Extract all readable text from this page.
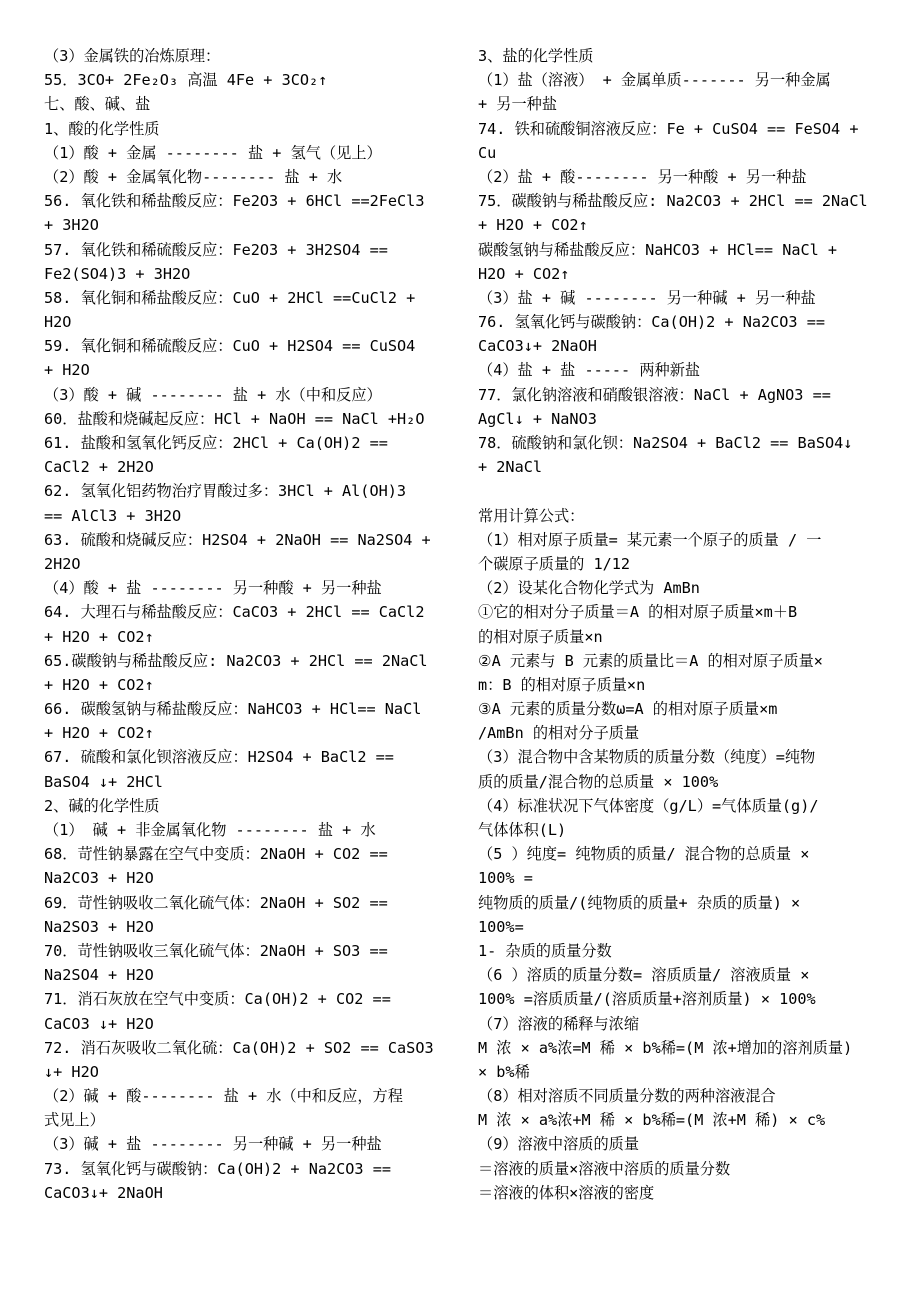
（3）金属铁的冶炼原理：
55．3CO+ 2Fe₂O₃ 高温 4Fe + 3CO₂↑
七、酸、碱、盐
1、酸的化学性质
（1）酸 + 金属 -------- 盐 + 氢气（见上）
（2）酸 + 金属氧化物-------- 盐 + 水
56. 氧化铁和稀盐酸反应：Fe2O3 + 6HCl ==2FeCl3
+ 3H2O
57. 氧化铁和稀硫酸反应：Fe2O3 + 3H2SO4 ==
Fe2(SO4)3 + 3H2O
58. 氧化铜和稀盐酸反应：CuO + 2HCl ==CuCl2 +
H2O
59. 氧化铜和稀硫酸反应：CuO + H2SO4 == CuSO4
+ H2O
（3）酸 + 碱 -------- 盐 + 水（中和反应）
60．盐酸和烧碱起反应：HCl + NaOH == NaCl +H₂O
61. 盐酸和氢氧化钙反应：2HCl + Ca(OH)2 ==
CaCl2 + 2H2O
62. 氢氧化铝药物治疗胃酸过多：3HCl + Al(OH)3
== AlCl3 + 3H2O
63. 硫酸和烧碱反应：H2SO4 + 2NaOH == Na2SO4 +
2H2O
（4）酸 + 盐 -------- 另一种酸 + 另一种盐
64. 大理石与稀盐酸反应：CaCO3 + 2HCl == CaCl2
+ H2O + CO2↑
65.碳酸钠与稀盐酸反应: Na2CO3 + 2HCl == 2NaCl
+ H2O + CO2↑
66. 碳酸氢钠与稀盐酸反应：NaHCO3 + HCl== NaCl
+ H2O + CO2↑
67. 硫酸和氯化钡溶液反应：H2SO4 + BaCl2 ==
BaSO4 ↓+ 2HCl
2、碱的化学性质
（1） 碱 + 非金属氧化物 -------- 盐 + 水
68．苛性钠暴露在空气中变质：2NaOH + CO2 ==
Na2CO3 + H2O
69．苛性钠吸收二氧化硫气体：2NaOH + SO2 ==
Na2SO3 + H2O
70．苛性钠吸收三氧化硫气体：2NaOH + SO3 ==
Na2SO4 + H2O
71．消石灰放在空气中变质：Ca(OH)2 + CO2 ==
CaCO3 ↓+ H2O
72. 消石灰吸收二氧化硫：Ca(OH)2 + SO2 == CaSO3
↓+ H2O
（2）碱 + 酸-------- 盐 + 水（中和反应，方程
式见上）
（3）碱 + 盐 -------- 另一种碱 + 另一种盐
73. 氢氧化钙与碳酸钠：Ca(OH)2 + Na2CO3 ==
CaCO3↓+ 2NaOH
3、盐的化学性质
（1）盐（溶液） + 金属单质------- 另一种金属
+ 另一种盐
74. 铁和硫酸铜溶液反应：Fe + CuSO4 == FeSO4 +
Cu
（2）盐 + 酸-------- 另一种酸 + 另一种盐
75．碳酸钠与稀盐酸反应: Na2CO3 + 2HCl == 2NaCl
+ H2O + CO2↑
碳酸氢钠与稀盐酸反应：NaHCO3 + HCl== NaCl +
H2O + CO2↑
（3）盐 + 碱 -------- 另一种碱 + 另一种盐
76. 氢氧化钙与碳酸钠：Ca(OH)2 + Na2CO3 ==
CaCO3↓+ 2NaOH
（4）盐 + 盐 ----- 两种新盐
77．氯化钠溶液和硝酸银溶液：NaCl + AgNO3 ==
AgCl↓ + NaNO3
78．硫酸钠和氯化钡：Na2SO4 + BaCl2 == BaSO4↓
+ 2NaCl
常用计算公式：
（1）相对原子质量= 某元素一个原子的质量 / 一
个碳原子质量的 1/12
（2）设某化合物化学式为 AmBn
①它的相对分子质量＝A 的相对原子质量×m＋B
的相对原子质量×n
②A 元素与 B 元素的质量比＝A 的相对原子质量×
m：B 的相对原子质量×n
③A 元素的质量分数ω=A 的相对原子质量×m
/AmBn 的相对分子质量
（3）混合物中含某物质的质量分数（纯度）=纯物
质的质量/混合物的总质量 × 100%
（4）标准状况下气体密度（g/L）=气体质量(g)/
气体体积(L)
（5 ）纯度= 纯物质的质量/ 混合物的总质量 ×
100% =
纯物质的质量/(纯物质的质量+ 杂质的质量) ×
100%=
1- 杂质的质量分数
（6 ）溶质的质量分数= 溶质质量/ 溶液质量 ×
100% =溶质质量/(溶质质量+溶剂质量) × 100%
（7）溶液的稀释与浓缩
M 浓 × a%浓=M 稀 × b%稀=(M 浓+增加的溶剂质量)
× b%稀
（8）相对溶质不同质量分数的两种溶液混合
M 浓 × a%浓+M 稀 × b%稀=(M 浓+M 稀) × c%
（9）溶液中溶质的质量
＝溶液的质量×溶液中溶质的质量分数
＝溶液的体积×溶液的密度
